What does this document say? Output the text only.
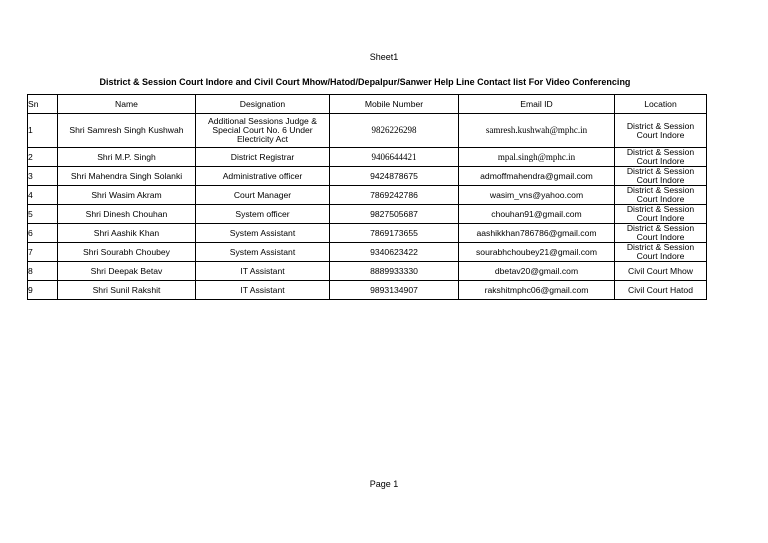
Sheet1
District & Session Court Indore and Civil Court Mhow/Hatod/Depalpur/Sanwer Help Line Contact list For Video Conferencing
Sn	Name	Designation	Mobile Number	Email ID	Location
1	Shri Samresh Singh Kushwah	Additional Sessions Judge & Special Court No. 6 Under Electricity Act	9826226298	samresh.kushwah@mphc.in	District & Session Court Indore
2	Shri M.P. Singh	District Registrar	9406644421	mpal.singh@mphc.in	District & Session Court Indore
3	Shri Mahendra Singh Solanki	Administrative officer	9424878675	admoffmahendra@gmail.com	District & Session Court Indore
4	Shri Wasim Akram	Court Manager	7869242786	wasim_vns@yahoo.com	District & Session Court Indore
5	Shri Dinesh Chouhan	System officer	9827505687	chouhan91@gmail.com	District & Session Court Indore
6	Shri Aashik Khan	System Assistant	7869173655	aashikkhan786786@gmail.com	District & Session Court Indore
7	Shri Sourabh Choubey	System Assistant	9340623422	sourabhchoubey21@gmail.com	District & Session Court Indore
8	Shri Deepak Betav	IT Assistant	8889933330	dbetav20@gmail.com	Civil Court Mhow
9	Shri Sunil Rakshit	IT Assistant	9893134907	rakshitmphc06@gmail.com	Civil Court Hatod
Page 1
